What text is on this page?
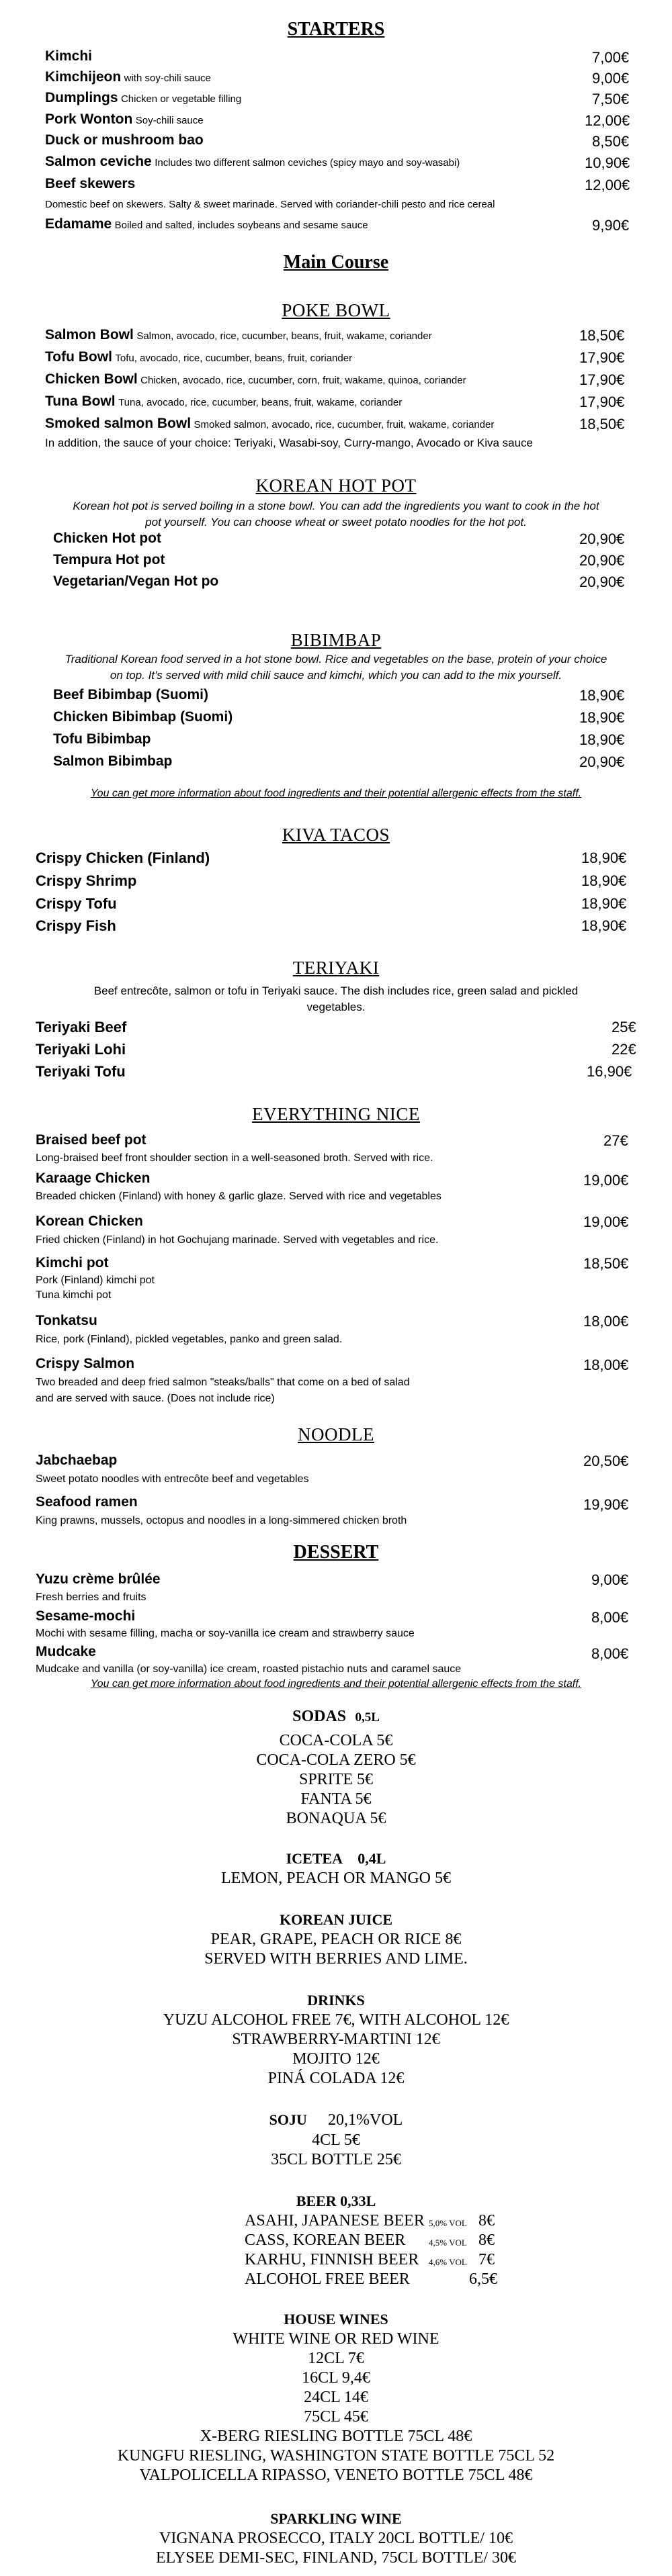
STARTERS
Kimchi	7,00€
Kimchijeon with soy-chili sauce	9,00€
Dumplings Chicken or vegetable filling	7,50€
Pork Wonton Soy-chili sauce	12,00€
Duck or mushroom bao	8,50€
Salmon ceviche Includes two different salmon ceviches (spicy mayo and soy-wasabi)	10,90€
Beef skewers	12,00€
Domestic beef on skewers. Salty & sweet marinade. Served with coriander-chili pesto and rice cereal
Edamame Boiled and salted, includes soybeans and sesame sauce	9,90€
Main Course
POKE BOWL
Salmon Bowl Salmon, avocado, rice, cucumber, beans, fruit, wakame, coriander	18,50€
Tofu Bowl Tofu, avocado, rice, cucumber, beans, fruit, coriander	17,90€
Chicken Bowl Chicken, avocado, rice, cucumber, corn, fruit, wakame, quinoa, coriander	17,90€
Tuna Bowl Tuna, avocado, rice, cucumber, beans, fruit, wakame, coriander	17,90€
Smoked salmon Bowl Smoked salmon, avocado, rice, cucumber, fruit, wakame, coriander	18,50€
In addition, the sauce of your choice: Teriyaki, Wasabi-soy, Curry-mango, Avocado or Kiva sauce
KOREAN HOT POT
Korean hot pot is served boiling in a stone bowl. You can add the ingredients you want to cook in the hot
pot yourself. You can choose wheat or sweet potato noodles for the hot pot.
Chicken Hot pot	20,90€
Tempura Hot pot	20,90€
Vegetarian/Vegan Hot po	20,90€
BIBIMBAP
Traditional Korean food served in a hot stone bowl. Rice and vegetables on the base, protein of your choice
on top. It's served with mild chili sauce and kimchi, which you can add to the mix yourself.
Beef Bibimbap (Suomi)	18,90€
Chicken Bibimbap (Suomi)	18,90€
Tofu Bibimbap	18,90€
Salmon Bibimbap	20,90€
You can get more information about food ingredients and their potential allergenic effects from the staff.
KIVA TACOS
Crispy Chicken (Finland)	18,90€
Crispy Shrimp	18,90€
Crispy Tofu	18,90€
Crispy Fish	18,90€
TERIYAKI
Beef entrecôte, salmon or tofu in Teriyaki sauce. The dish includes rice, green salad and pickled
vegetables.
Teriyaki Beef	25€
Teriyaki Lohi	22€
Teriyaki Tofu	16,90€
EVERYTHING NICE
Braised beef pot	27€
Long-braised beef front shoulder section in a well-seasoned broth. Served with rice.
Karaage Chicken	19,00€
Breaded chicken (Finland) with honey & garlic glaze. Served with rice and vegetables
Korean Chicken	19,00€
Fried chicken (Finland) in hot Gochujang marinade. Served with vegetables and rice.
Kimchi pot	18,50€
Pork (Finland) kimchi pot
Tuna kimchi pot
Tonkatsu	18,00€
Rice, pork (Finland), pickled vegetables, panko and green salad.
Crispy Salmon	18,00€
Two breaded and deep fried salmon "steaks/balls" that come on a bed of salad
and are served with sauce. (Does not include rice)
NOODLE
Jabchaebap	20,50€
Sweet potato noodles with entrecôte beef and vegetables
Seafood ramen	19,90€
King prawns, mussels, octopus and noodles in a long-simmered chicken broth
DESSERT
Yuzu crème brûlée	9,00€
Fresh berries and fruits
Sesame-mochi	8,00€
Mochi with sesame filling, macha or soy-vanilla ice cream and strawberry sauce
Mudcake	8,00€
Mudcake and vanilla (or soy-vanilla) ice cream, roasted pistachio nuts and caramel sauce
You can get more information about food ingredients and their potential allergenic effects from the staff.
SODAS 0,5L
COCA-COLA 5€
COCA-COLA ZERO 5€
SPRITE 5€
FANTA 5€
BONAQUA 5€
ICETEA 0,4L
LEMON, PEACH OR MANGO 5€
KOREAN JUICE
PEAR, GRAPE, PEACH OR RICE 8€
SERVED WITH BERRIES AND LIME.
DRINKS
YUZU ALCOHOL FREE 7€, WITH ALCOHOL 12€
STRAWBERRY-MARTINI 12€
MOJITO 12€
PINÁ COLADA 12€
SOJU 20,1%VOL
4CL 5€
35CL BOTTLE 25€
BEER 0,33L
ASAHI, JAPANESE BEER 5,0% VOL 8€
CASS, KOREAN BEER	4,5% VOL 8€
KARHU, FINNISH BEER 4,6% VOL 7€
ALCOHOL FREE BEER	6,5€
HOUSE WINES
WHITE WINE OR RED WINE
12CL 7€
16CL 9,4€
24CL 14€
75CL 45€
X-BERG RIESLING BOTTLE 75CL 48€
KUNGFU RIESLING, WASHINGTON STATE BOTTLE 75CL 52
VALPOLICELLA RIPASSO, VENETO BOTTLE 75CL 48€
SPARKLING WINE
VIGNANA PROSECCO, ITALY 20CL BOTTLE/ 10€
ELYSEE DEMI-SEC, FINLAND, 75CL BOTTLE/ 30€
